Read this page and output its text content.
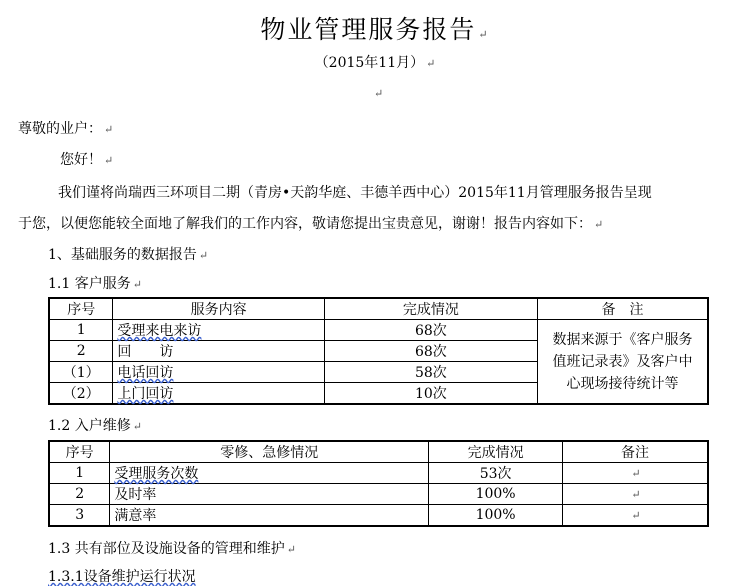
物业管理服务报告 ↵
（2015年11月） ↵
↵
尊敬的业户： ↵
您好！ ↵
我们谨将尚瑞西三环项目二期（青房•天韵华庭、丰德羊西中心）2015年11月管理服务报告呈现
于您，以便您能较全面地了解我们的工作内容，敬请您提出宝贵意见，谢谢！报告内容如下： ↵
1、基础服务的数据报告 ↵
1.1 客户服务 ↵
序号	服务内容	完成情况	备　注
1	受理来电来访	68次	数据来源于《客户服务值班记录表》及客户中心现场接待统计等
2	回　　访	68次	
（1）	电话回访	58次	
（2）	上门回访	10次	
1.2 入户维修 ↵
序号	零修、急修情况	完成情况	备注
1	受理服务次数	53次	↵
2	及时率	100%	↵
3	满意率	100%	↵
1.3 共有部位及设施设备的管理和维护 ↵
1.3.1设备维护运行状况
